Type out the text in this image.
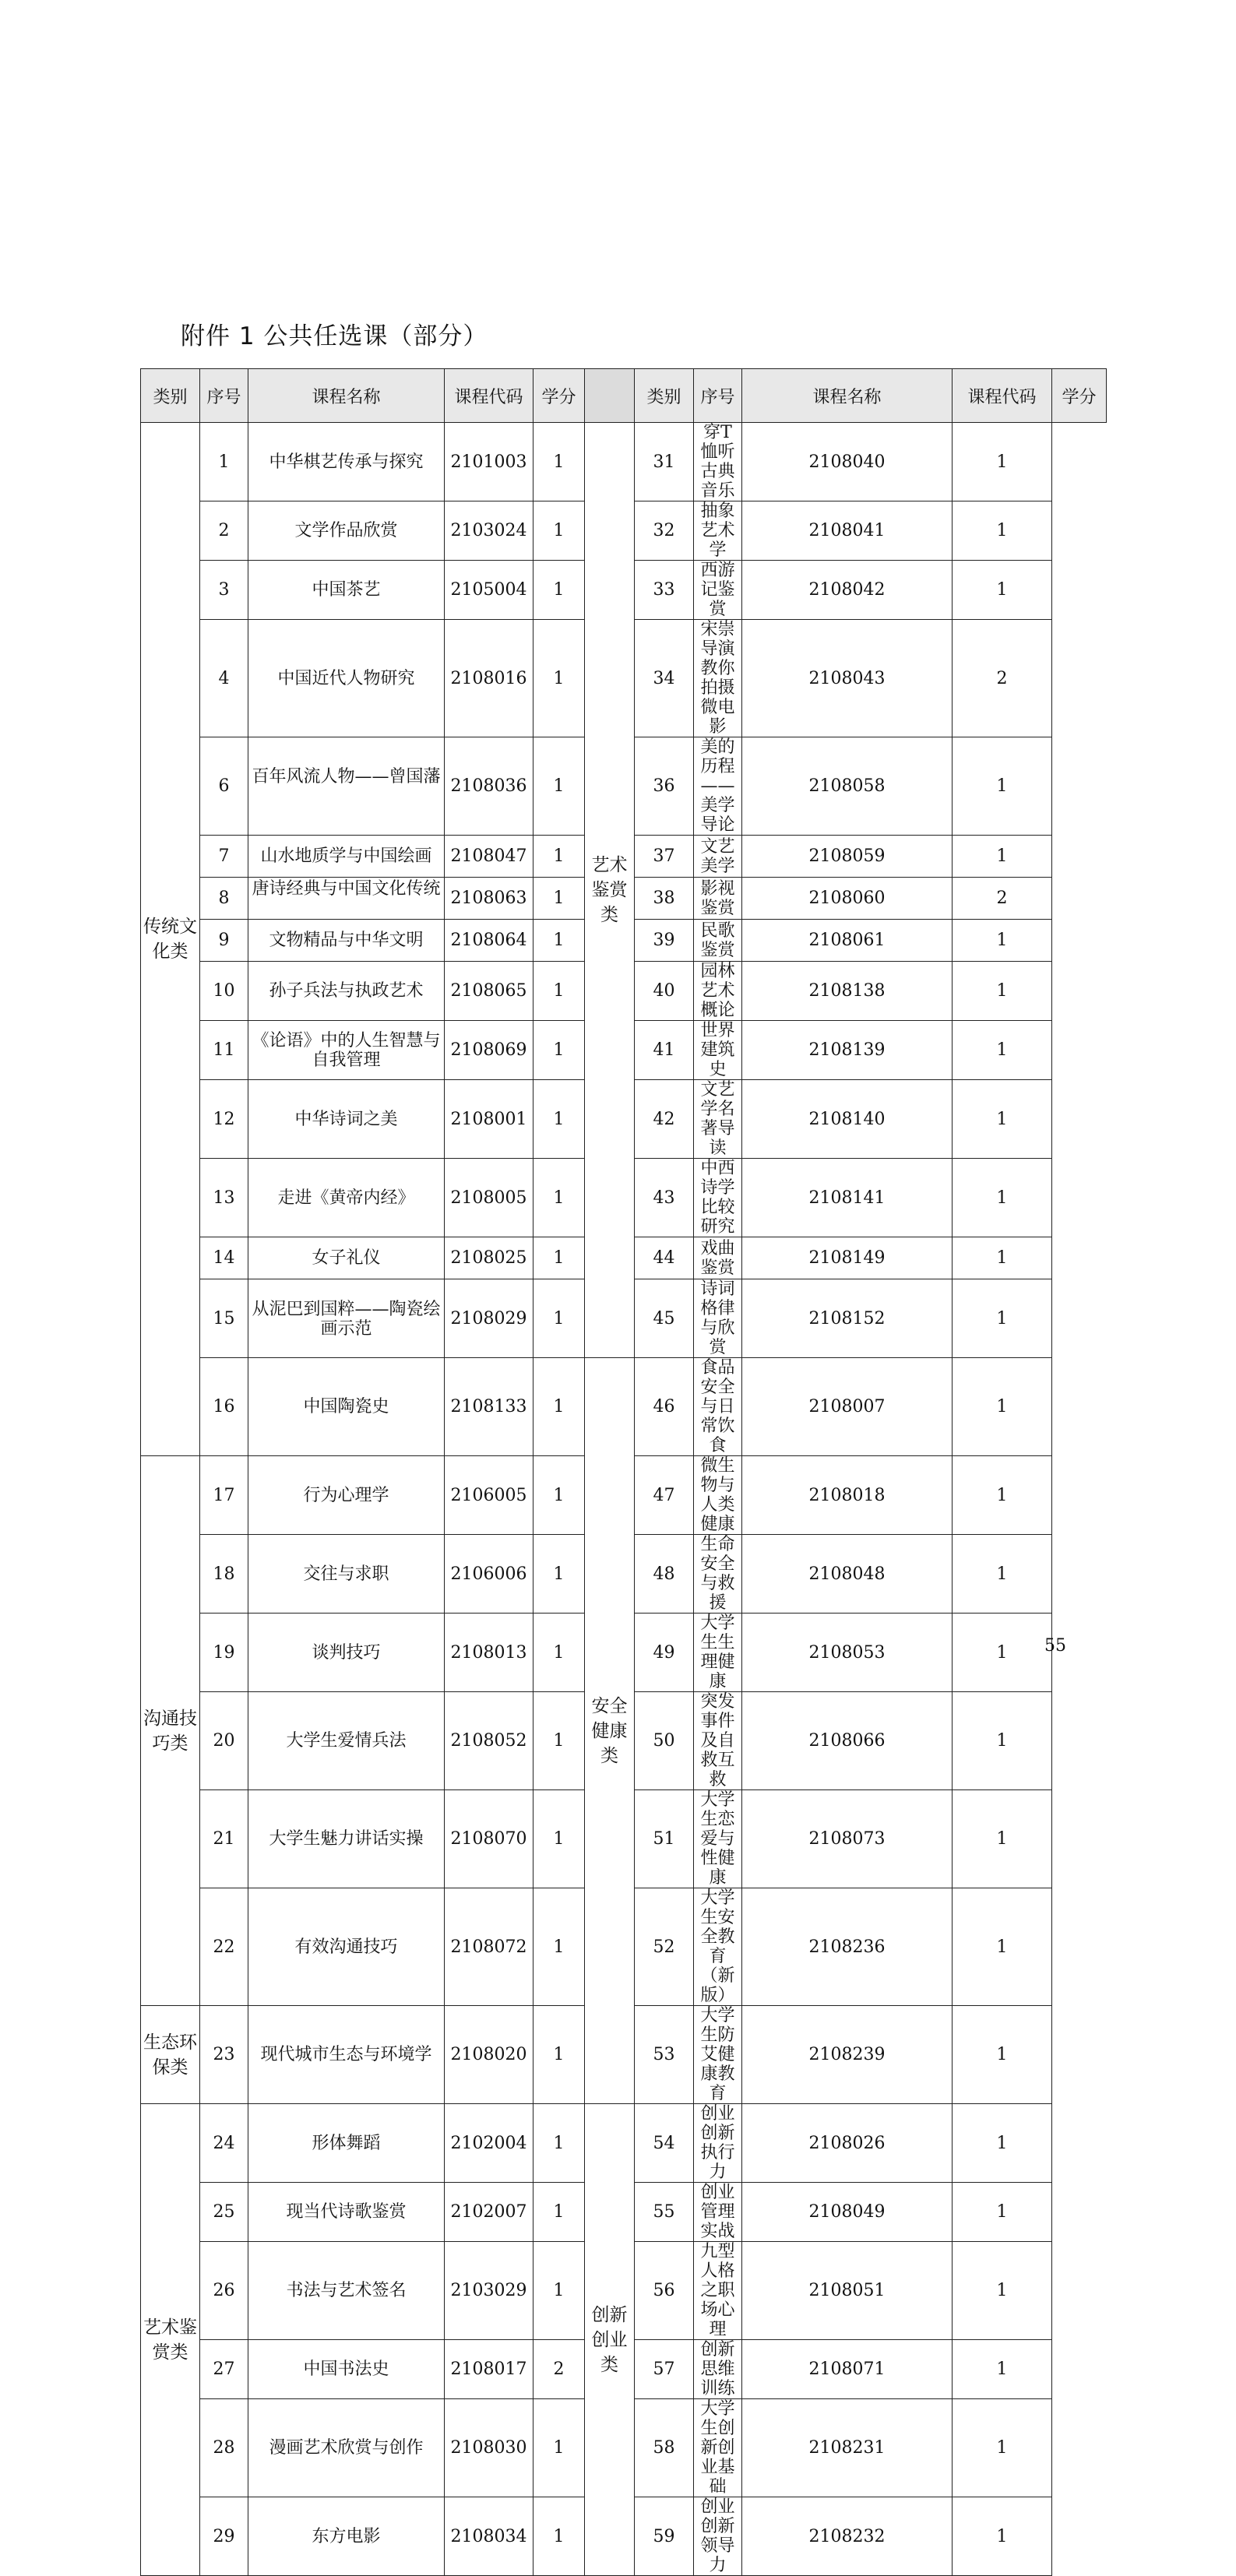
附件 1 公共任选课（部分）
类别	序号	课程名称	课程代码	学分		类别	序号	课程名称	课程代码	学分
传统文化类	1	中华棋艺传承与探究	2101003	1	艺术鉴赏类	31	穿T恤听古典音乐	2108040	1	
	2	文学作品欣赏	2103024	1		32	抽象艺术学	2108041	1	
	3	中国茶艺	2105004	1		33	西游记鉴赏	2108042	1	
	4	中国近代人物研究	2108016	1		34	宋崇导演教你拍摄微电影	2108043	2	
	6	百年风流人物——曾国藩	2108036	1		36	美的历程——美学导论	2108058	1	
	7	山水地质学与中国绘画	2108047	1		37	文艺美学	2108059	1	
	8	唐诗经典与中国文化传统	2108063	1		38	影视鉴赏	2108060	2	
	9	文物精品与中华文明	2108064	1		39	民歌鉴赏	2108061	1	
	10	孙子兵法与执政艺术	2108065	1		40	园林艺术概论	2108138	1	
	11	《论语》中的人生智慧与自我管理	2108069	1		41	世界建筑史	2108139	1	
	12	中华诗词之美	2108001	1		42	文艺学名著导读	2108140	1	
	13	走进《黄帝内经》	2108005	1		43	中西诗学比较研究	2108141	1	
	14	女子礼仪	2108025	1		44	戏曲鉴赏	2108149	1	
	15	从泥巴到国粹——陶瓷绘画示范	2108029	1		45	诗词格律与欣赏	2108152	1	
	16	中国陶瓷史	2108133	1	安全健康类	46	食品安全与日常饮食	2108007	1	
沟通技巧类	17	行为心理学	2106005	1		47	微生物与人类健康	2108018	1	
	18	交往与求职	2106006	1		48	生命安全与救援	2108048	1	
	19	谈判技巧	2108013	1		49	大学生生理健康	2108053	1	
	20	大学生爱情兵法	2108052	1		50	突发事件及自救互救	2108066	1	
	21	大学生魅力讲话实操	2108070	1		51	大学生恋爱与性健康	2108073	1	
	22	有效沟通技巧	2108072	1		52	大学生安全教育（新版）	2108236	1	
生态环保类	23	现代城市生态与环境学	2108020	1		53	大学生防艾健康教育	2108239	1	
艺术鉴赏类	24	形体舞蹈	2102004	1	创新创业类	54	创业创新执行力	2108026	1	
	25	现当代诗歌鉴赏	2102007	1		55	创业管理实战	2108049	1	
	26	书法与艺术签名	2103029	1		56	九型人格之职场心理	2108051	1	
	27	中国书法史	2108017	2		57	创新思维训练	2108071	1	
	28	漫画艺术欣赏与创作	2108030	1		58	大学生创新创业基础	2108231	1	
	29	东方电影	2108034	1		59	创业创新领导力	2108232	1	
55
